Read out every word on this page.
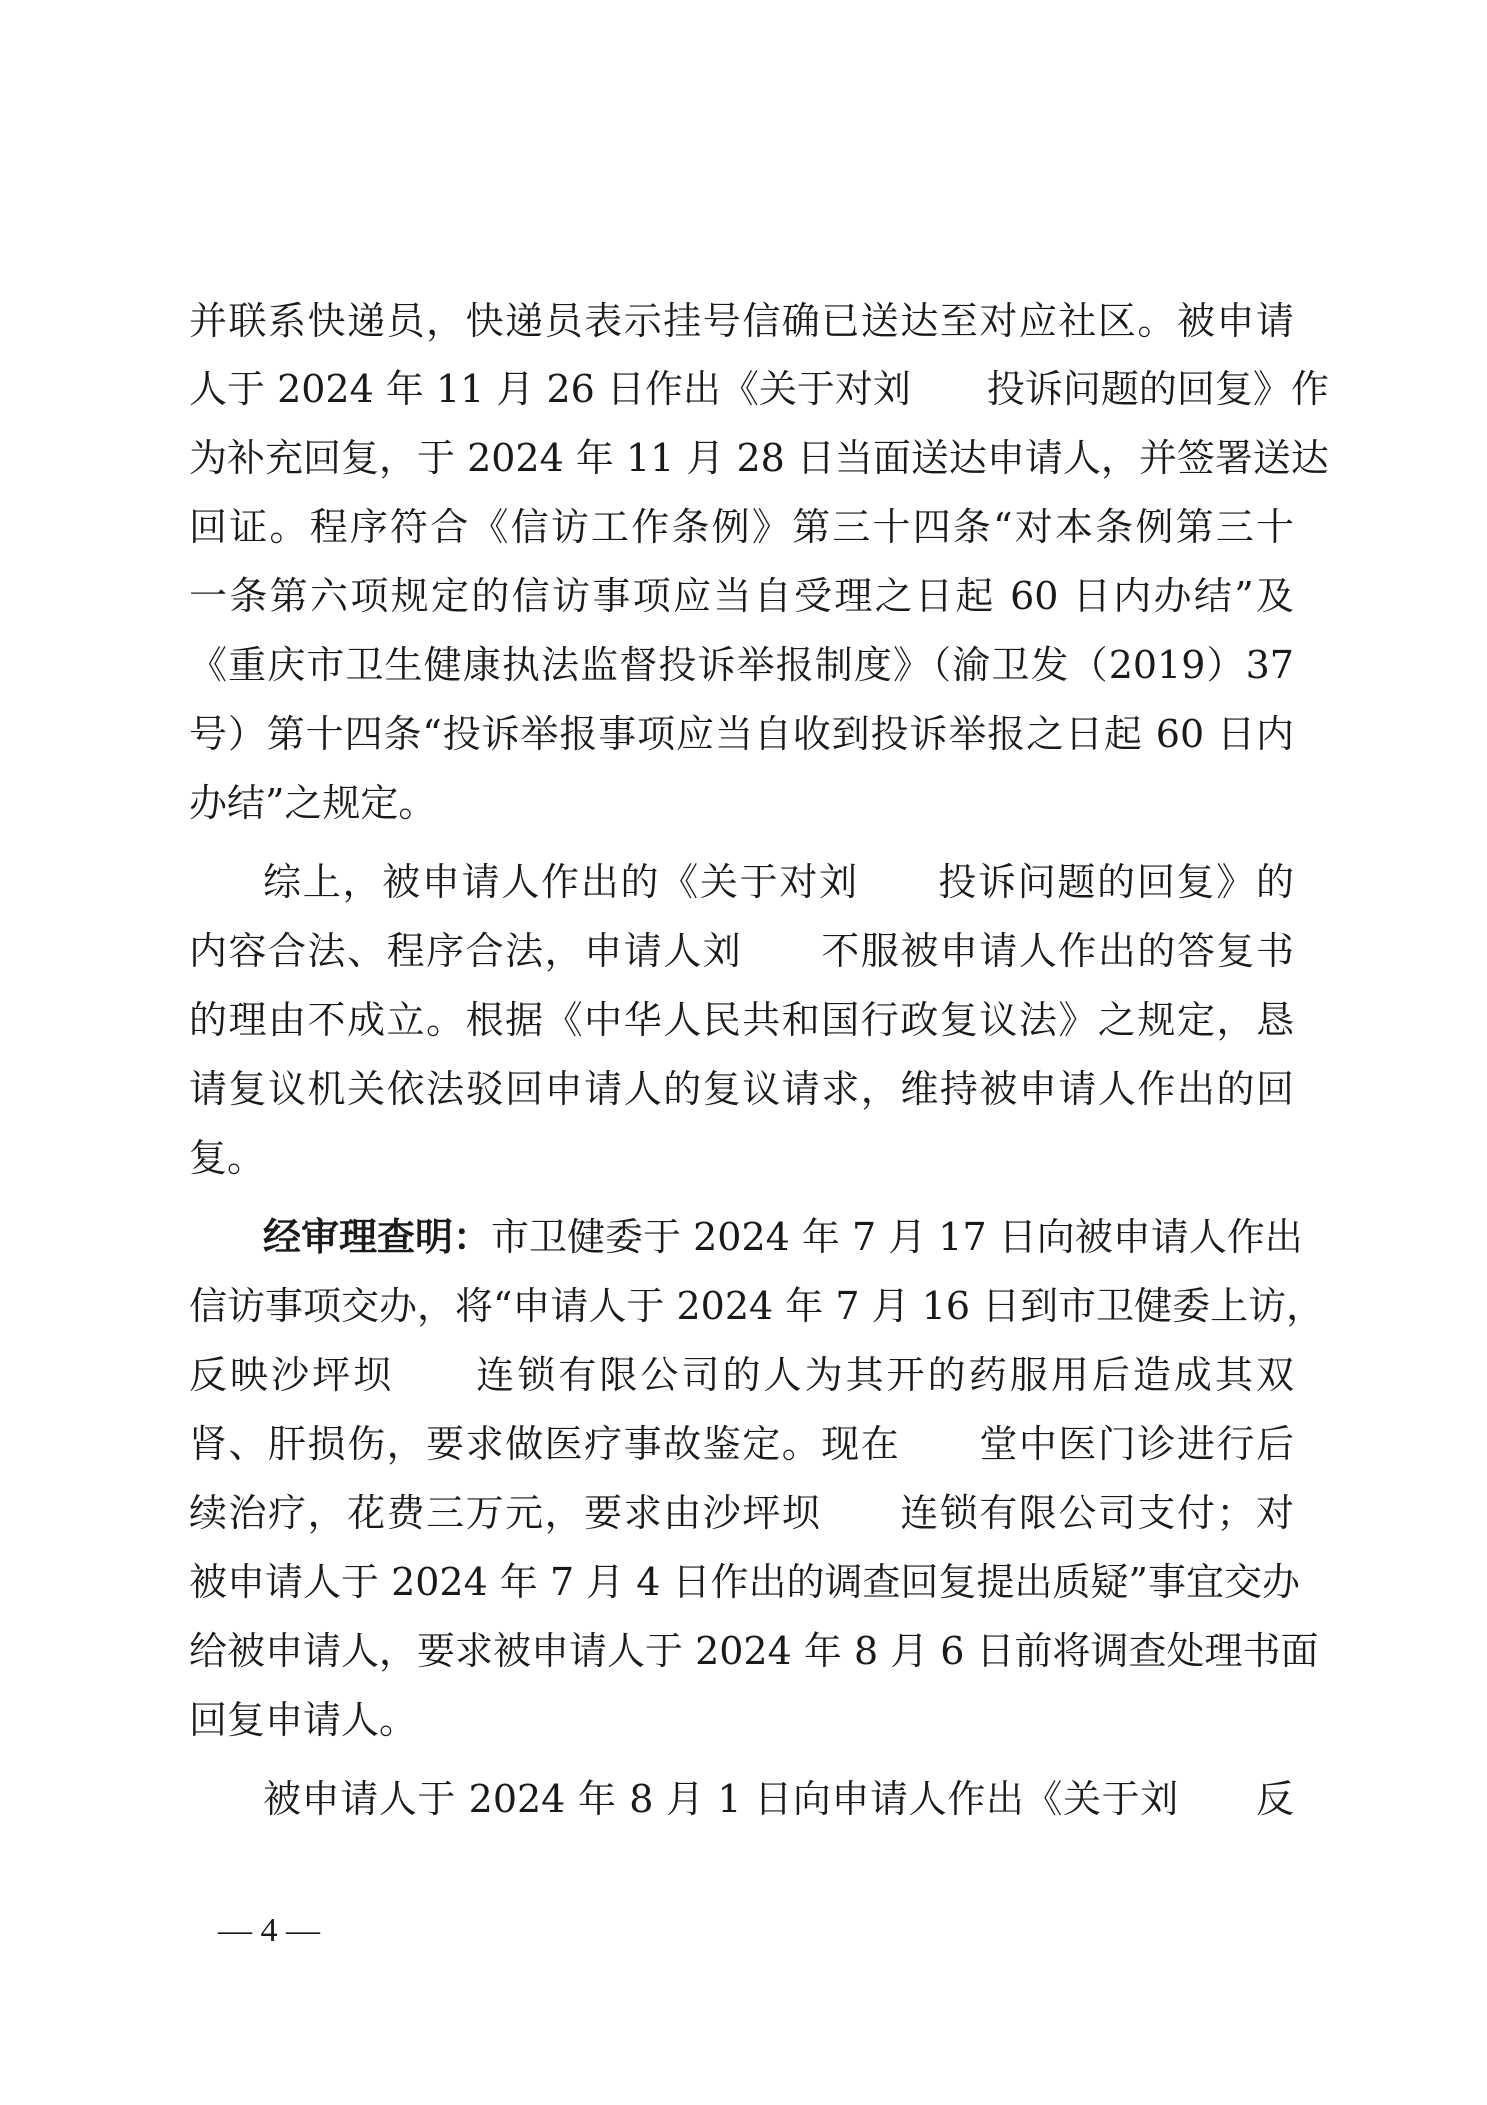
并联系快递员，快递员表示挂号信确已送达至对应社区。被申请
人于 2024 年 11 月 26 日作出《关于对刘　　投诉问题的回复》作
为补充回复，于 2024 年 11 月 28 日当面送达申请人，并签署送达
回证。程序符合《信访工作条例》第三十四条“对本条例第三十
一条第六项规定的信访事项应当自受理之日起 60 日内办结”及
《重庆市卫生健康执法监督投诉举报制度》（渝卫发（2019）37
号）第十四条“投诉举报事项应当自收到投诉举报之日起 60 日内
办结”之规定。
综上，被申请人作出的《关于对刘　　投诉问题的回复》的
内容合法、程序合法，申请人刘　　不服被申请人作出的答复书
的理由不成立。根据《中华人民共和国行政复议法》之规定，恳
请复议机关依法驳回申请人的复议请求，维持被申请人作出的回
复。
经审理查明：市卫健委于 2024 年 7 月 17 日向被申请人作出
信访事项交办，将“申请人于 2024 年 7 月 16 日到市卫健委上访，
反映沙坪坝　　连锁有限公司的人为其开的药服用后造成其双
肾、肝损伤，要求做医疗事故鉴定。现在　　堂中医门诊进行后
续治疗，花费三万元，要求由沙坪坝　　连锁有限公司支付；对
被申请人于 2024 年 7 月 4 日作出的调查回复提出质疑”事宜交办
给被申请人，要求被申请人于 2024 年 8 月 6 日前将调查处理书面
回复申请人。
被申请人于 2024 年 8 月 1 日向申请人作出《关于刘　　反
— 4 —
